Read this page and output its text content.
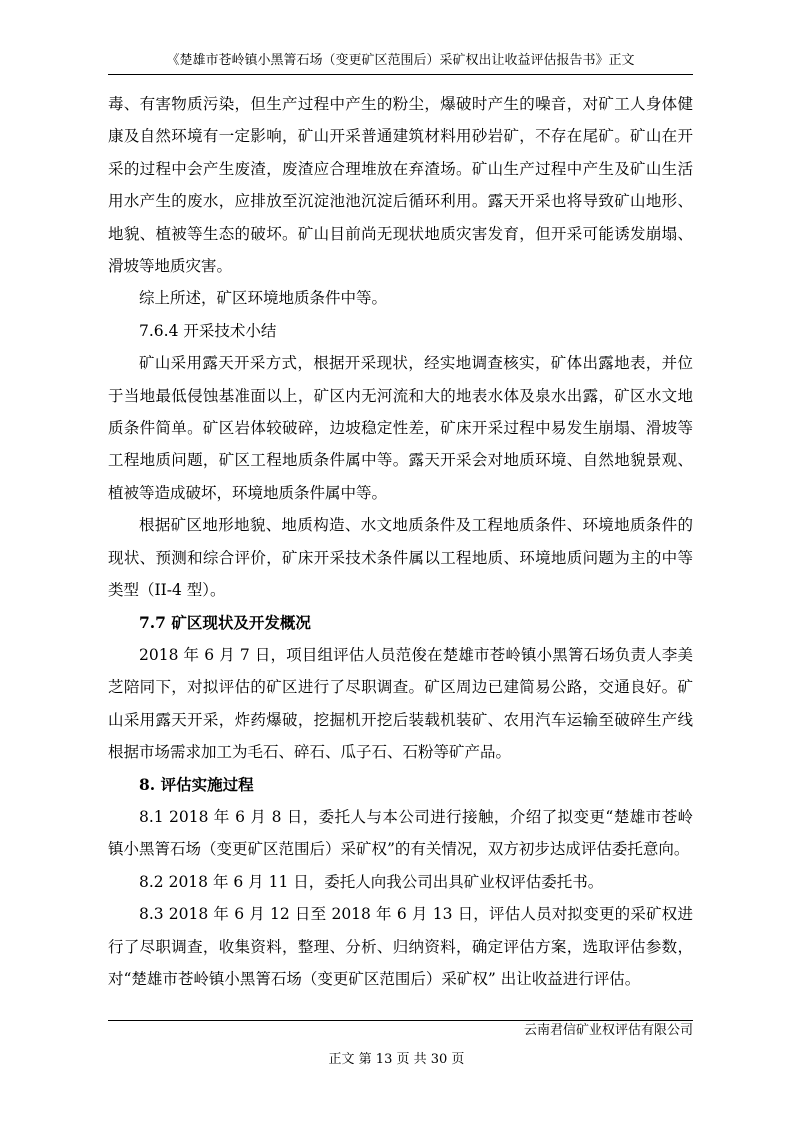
《楚雄市苍岭镇小黑箐石场（变更矿区范围后）采矿权出让收益评估报告书》正文

毒、有害物质污染，但生产过程中产生的粉尘，爆破时产生的噪音，对矿工人身体健康及自然环境有一定影响，矿山开采普通建筑材料用砂岩矿，不存在尾矿。矿山在开采的过程中会产生废渣，废渣应合理堆放在弃渣场。矿山生产过程中产生及矿山生活用水产生的废水，应排放至沉淀池池沉淀后循环利用。露天开采也将导致矿山地形、地貌、植被等生态的破坏。矿山目前尚无现状地质灾害发育，但开采可能诱发崩塌、滑坡等地质灾害。

综上所述，矿区环境地质条件中等。

7.6.4 开采技术小结

矿山采用露天开采方式，根据开采现状，经实地调查核实，矿体出露地表，并位于当地最低侵蚀基准面以上，矿区内无河流和大的地表水体及泉水出露，矿区水文地质条件简单。矿区岩体较破碎，边坡稳定性差，矿床开采过程中易发生崩塌、滑坡等工程地质问题，矿区工程地质条件属中等。露天开采会对地质环境、自然地貌景观、植被等造成破坏，环境地质条件属中等。

根据矿区地形地貌、地质构造、水文地质条件及工程地质条件、环境地质条件的现状、预测和综合评价，矿床开采技术条件属以工程地质、环境地质问题为主的中等类型（II-4 型）。

7.7 矿区现状及开发概况

2018 年 6 月 7 日，项目组评估人员范俊在楚雄市苍岭镇小黑箐石场负责人李美芝陪同下，对拟评估的矿区进行了尽职调查。矿区周边已建简易公路，交通良好。矿山采用露天开采，炸药爆破，挖掘机开挖后装载机装矿、农用汽车运输至破碎生产线根据市场需求加工为毛石、碎石、瓜子石、石粉等矿产品。

8. 评估实施过程

8.1 2018 年 6 月 8 日，委托人与本公司进行接触，介绍了拟变更“楚雄市苍岭镇小黑箐石场（变更矿区范围后）采矿权”的有关情况，双方初步达成评估委托意向。

8.2 2018 年 6 月 11 日，委托人向我公司出具矿业权评估委托书。

8.3 2018 年 6 月 12 日至 2018 年 6 月 13 日，评估人员对拟变更的采矿权进行了尽职调查，收集资料，整理、分析、归纳资料，确定评估方案，选取评估参数，对“楚雄市苍岭镇小黑箐石场（变更矿区范围后）采矿权” 出让收益进行评估。

云南君信矿业权评估有限公司
正文 第 13 页 共 30 页
